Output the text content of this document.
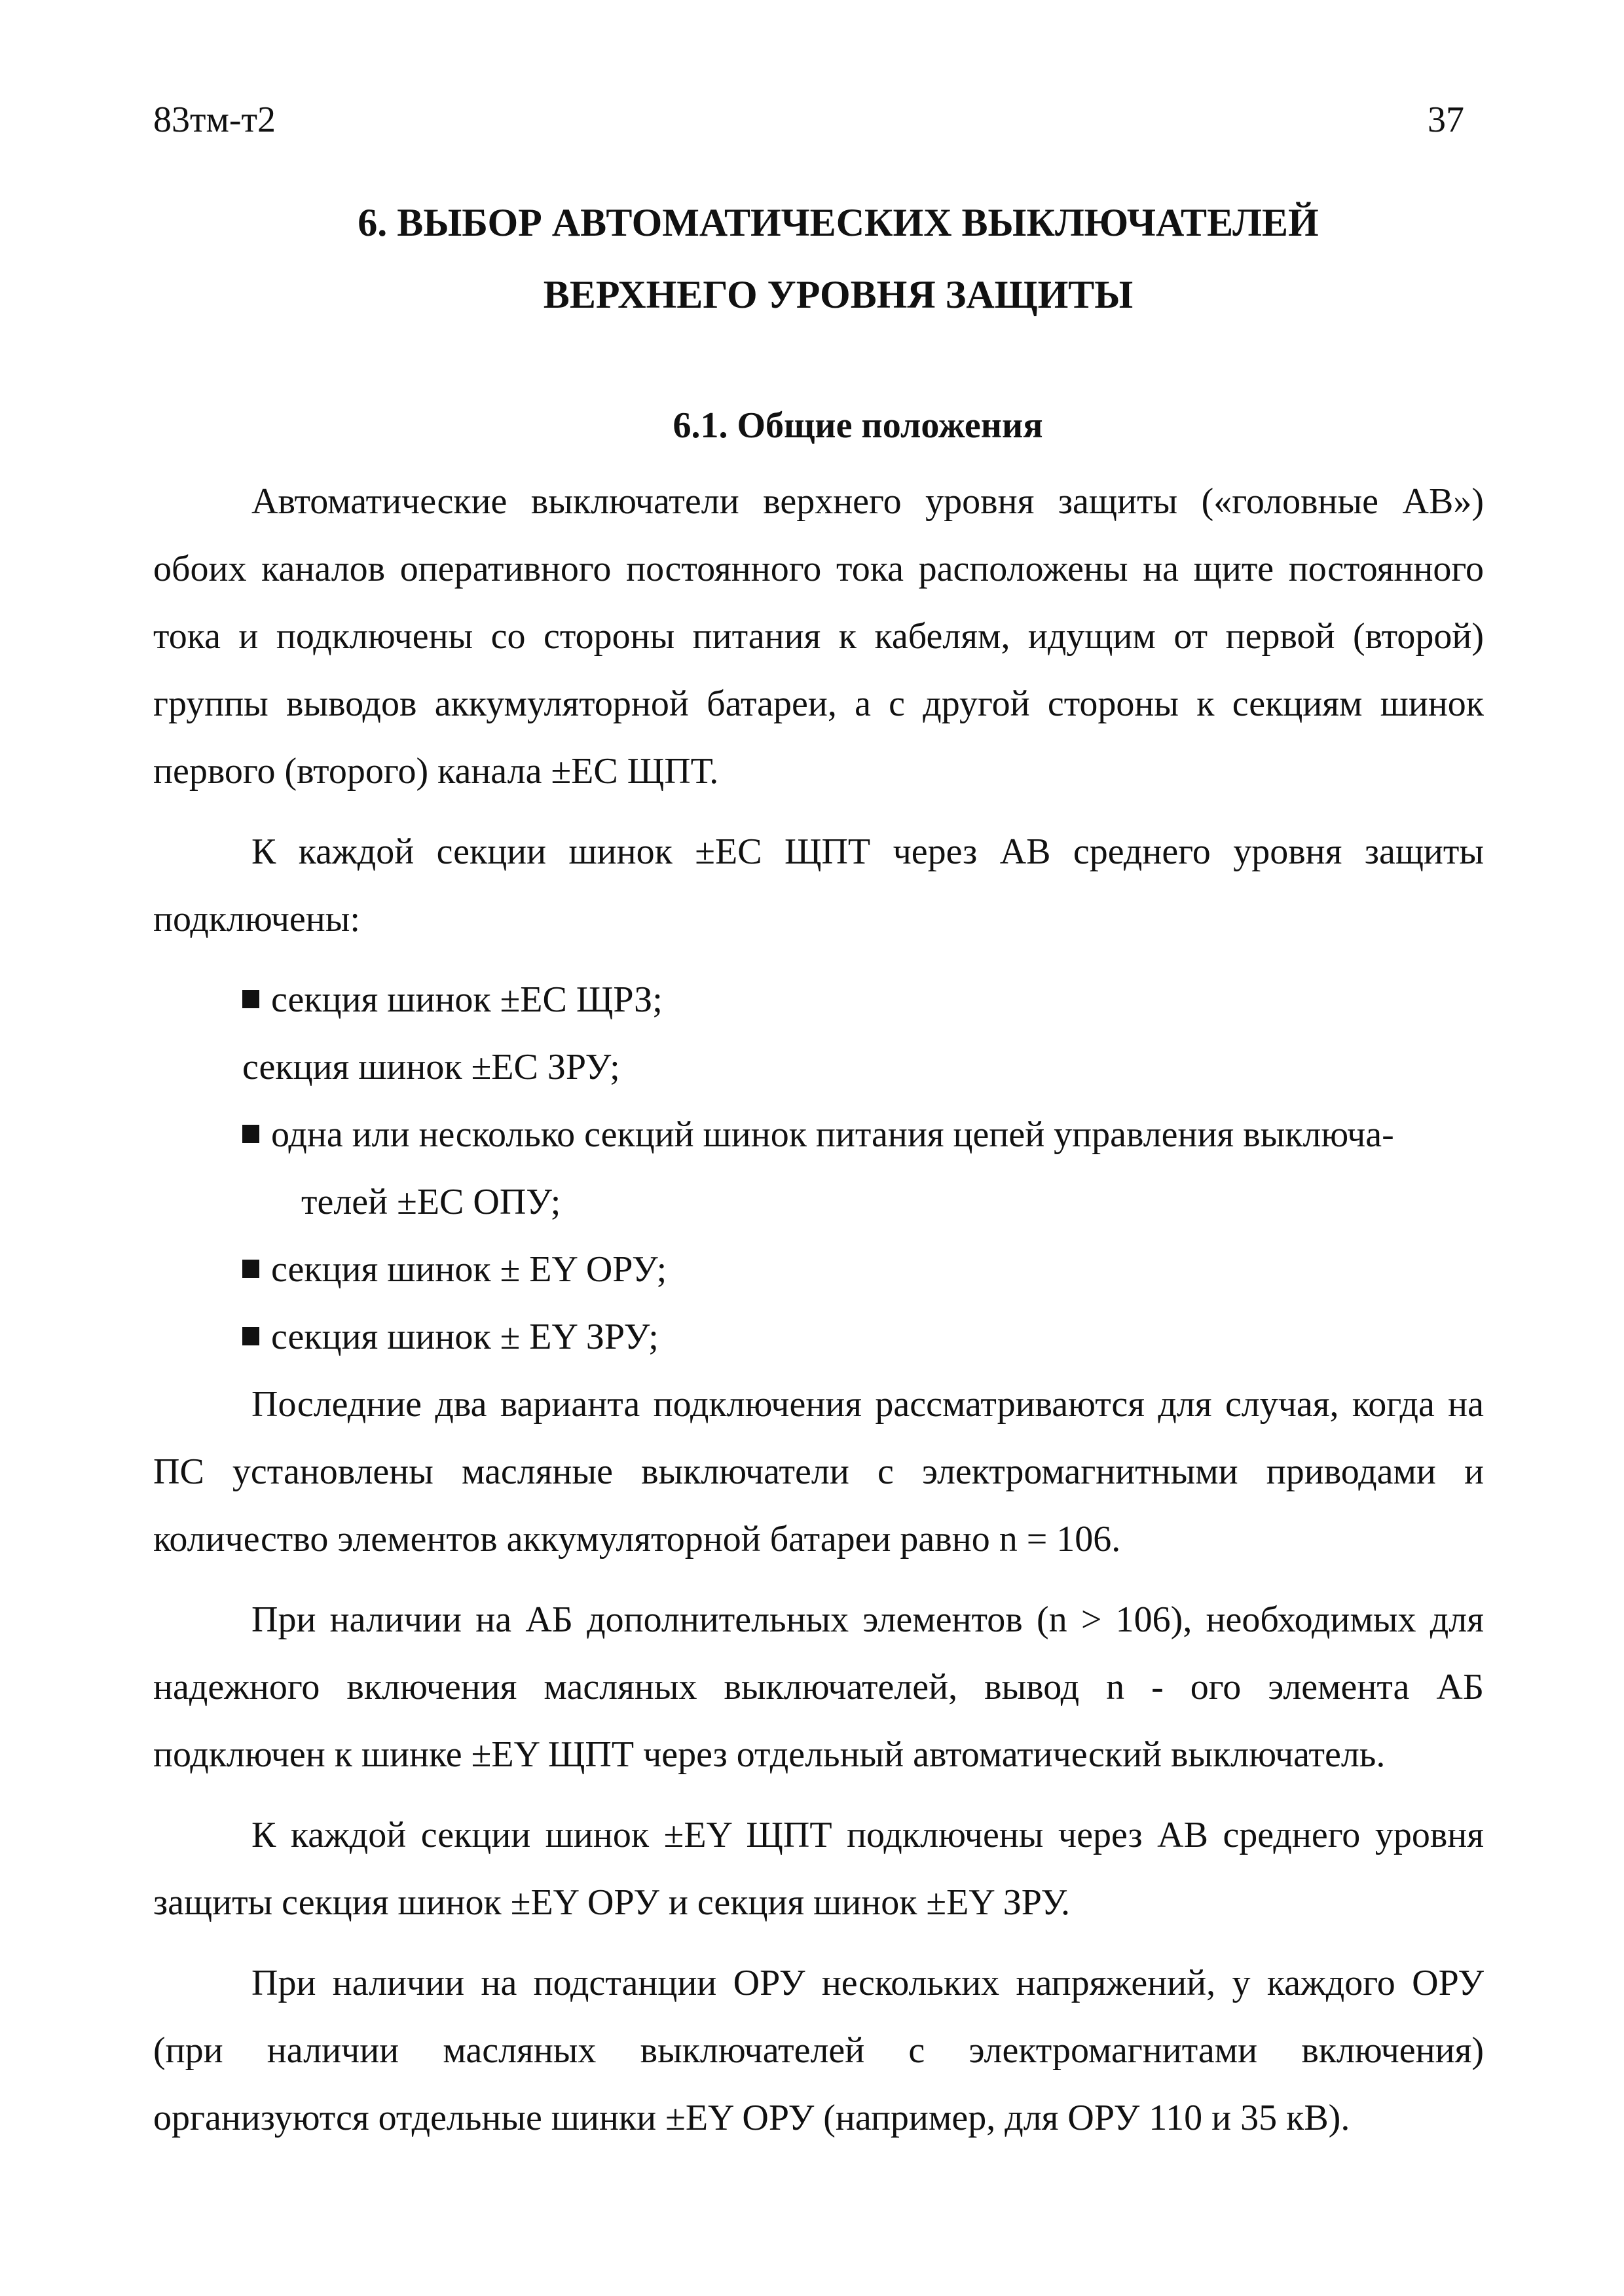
83тм-т2	37
6. ВЫБОР АВТОМАТИЧЕСКИХ ВЫКЛЮЧАТЕЛЕЙ
ВЕРХНЕГО УРОВНЯ ЗАЩИТЫ
6.1. Общие положения

Автоматические выключатели верхнего уровня защиты («головные АВ») обоих каналов оперативного постоянного тока расположены на щите постоянного тока и подключены со стороны питания к кабелям, идущим от первой (второй) группы выводов аккумуляторной батареи, а с другой стороны к секциям шинок первого (второго) канала ±ЕС ЩПТ.

К каждой секции шинок ±ЕС ЩПТ через АВ среднего уровня защиты подключены:

секция шинок ±ЕС ЩРЗ;
секция шинок ±ЕС ЗРУ;
одна или несколько секций шинок питания цепей управления выключа-
телей ±ЕС ОПУ;
секция шинок ± ЕY ОРУ;
секция шинок ± ЕY ЗРУ;

Последние два варианта подключения рассматриваются для случая, когда на ПС установлены масляные выключатели с электромагнитными приводами и количество элементов аккумуляторной батареи равно n = 106.

При наличии на АБ дополнительных элементов (n > 106), необходимых для надежного включения масляных выключателей, вывод n - ого элемента АБ подключен к шинке ±ЕY ЩПТ через отдельный автоматический выключатель.

К каждой секции шинок ±ЕY ЩПТ подключены через АВ среднего уровня защиты секция шинок ±ЕY ОРУ и секция шинок ±ЕY ЗРУ.

При наличии на подстанции ОРУ нескольких напряжений, у каждого ОРУ (при наличии масляных выключателей с электромагнитами включения) организуются отдельные шинки ±ЕY ОРУ (например, для ОРУ 110 и 35 кВ).
